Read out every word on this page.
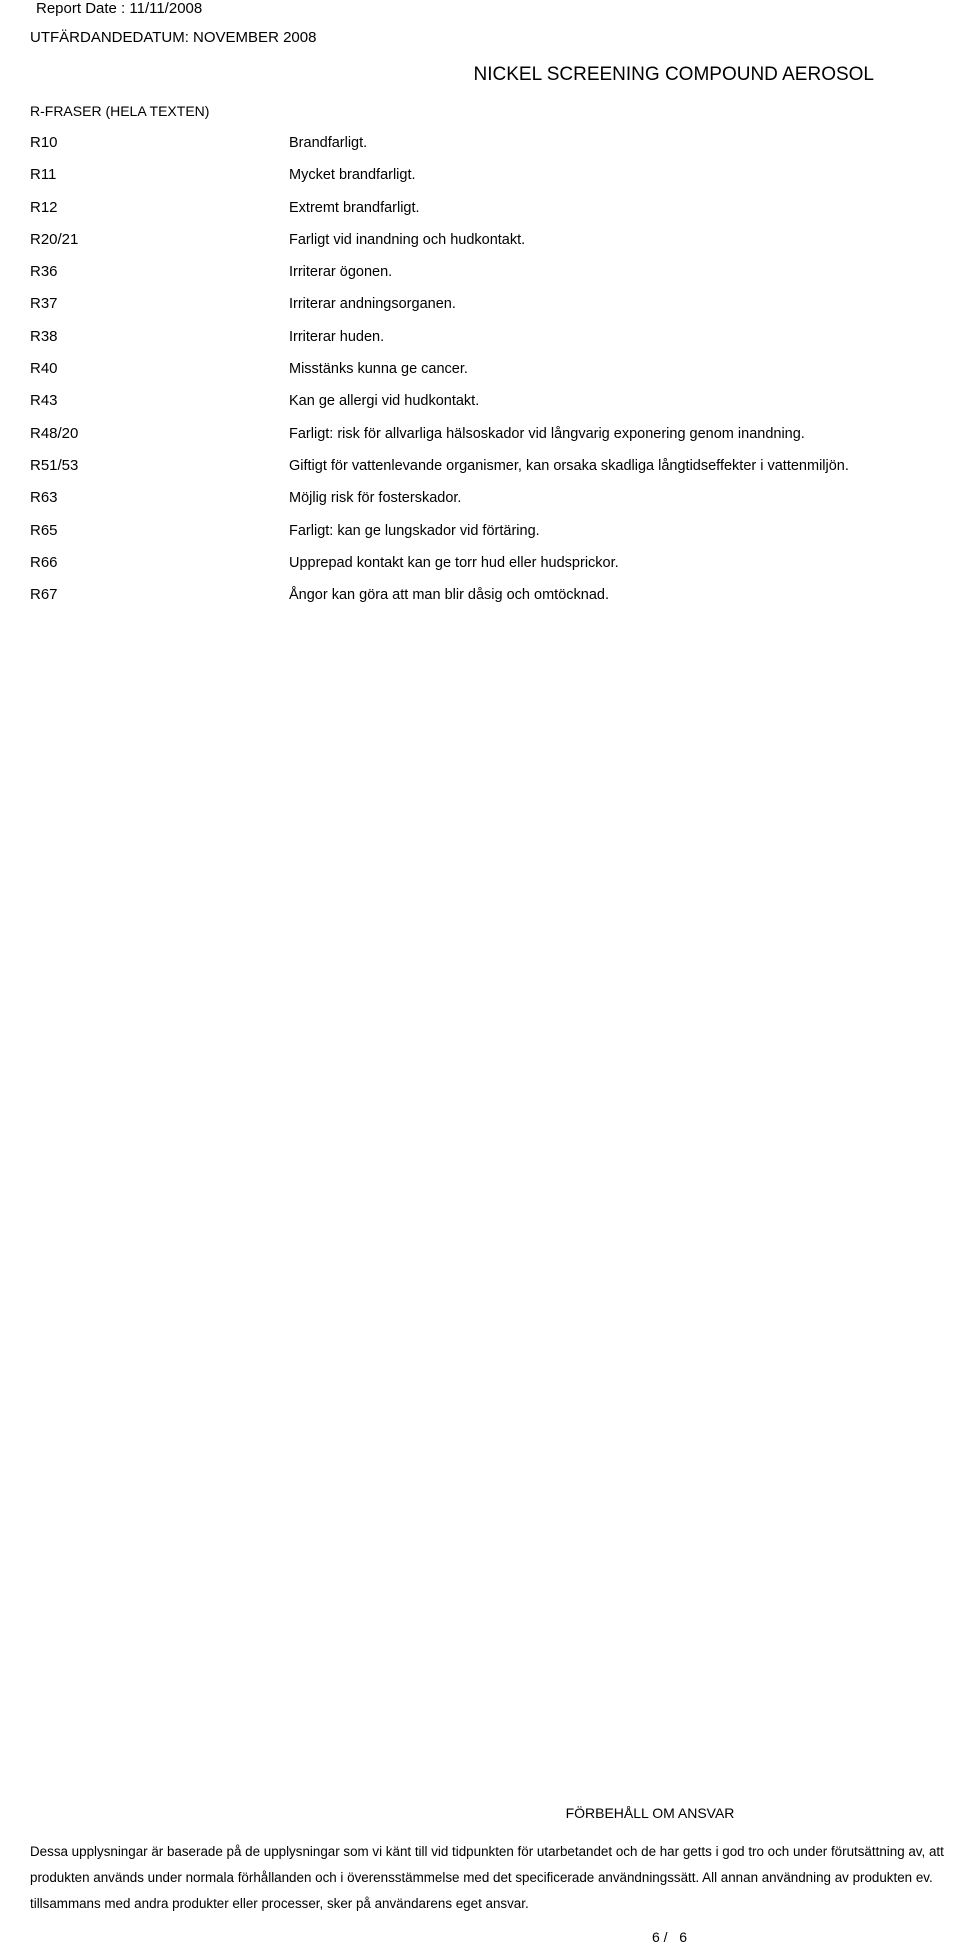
Report Date : 11/11/2008
UTFÄRDANDEDATUM: NOVEMBER 2008
NICKEL SCREENING COMPOUND AEROSOL
R-FRASER (HELA TEXTEN)
R10	Brandfarligt.
R11	Mycket brandfarligt.
R12	Extremt brandfarligt.
R20/21	Farligt vid inandning och hudkontakt.
R36	Irriterar ögonen.
R37	Irriterar andningsorganen.
R38	Irriterar huden.
R40	Misstänks kunna ge cancer.
R43	Kan ge allergi vid hudkontakt.
R48/20	Farligt: risk för allvarliga hälsoskador vid långvarig exponering genom inandning.
R51/53	Giftigt för vattenlevande organismer, kan orsaka skadliga långtidseffekter i vattenmiljön.
R63	Möjlig risk för fosterskador.
R65	Farligt: kan ge lungskador vid förtäring.
R66	Upprepad kontakt kan ge torr hud eller hudsprickor.
R67	Ångor kan göra att man blir dåsig och omtöcknad.
FÖRBEHÅLL OM ANSVAR

Dessa upplysningar är baserade på de upplysningar som vi känt till vid tidpunkten för utarbetandet och de har getts i god tro och under förutsättning av, att produkten används under normala förhållanden och i överensstämmelse med det specificerade användningssätt. All annan användning av produkten ev. tillsammans med andra produkter eller processer, sker på användarens eget ansvar.

6 /   6
